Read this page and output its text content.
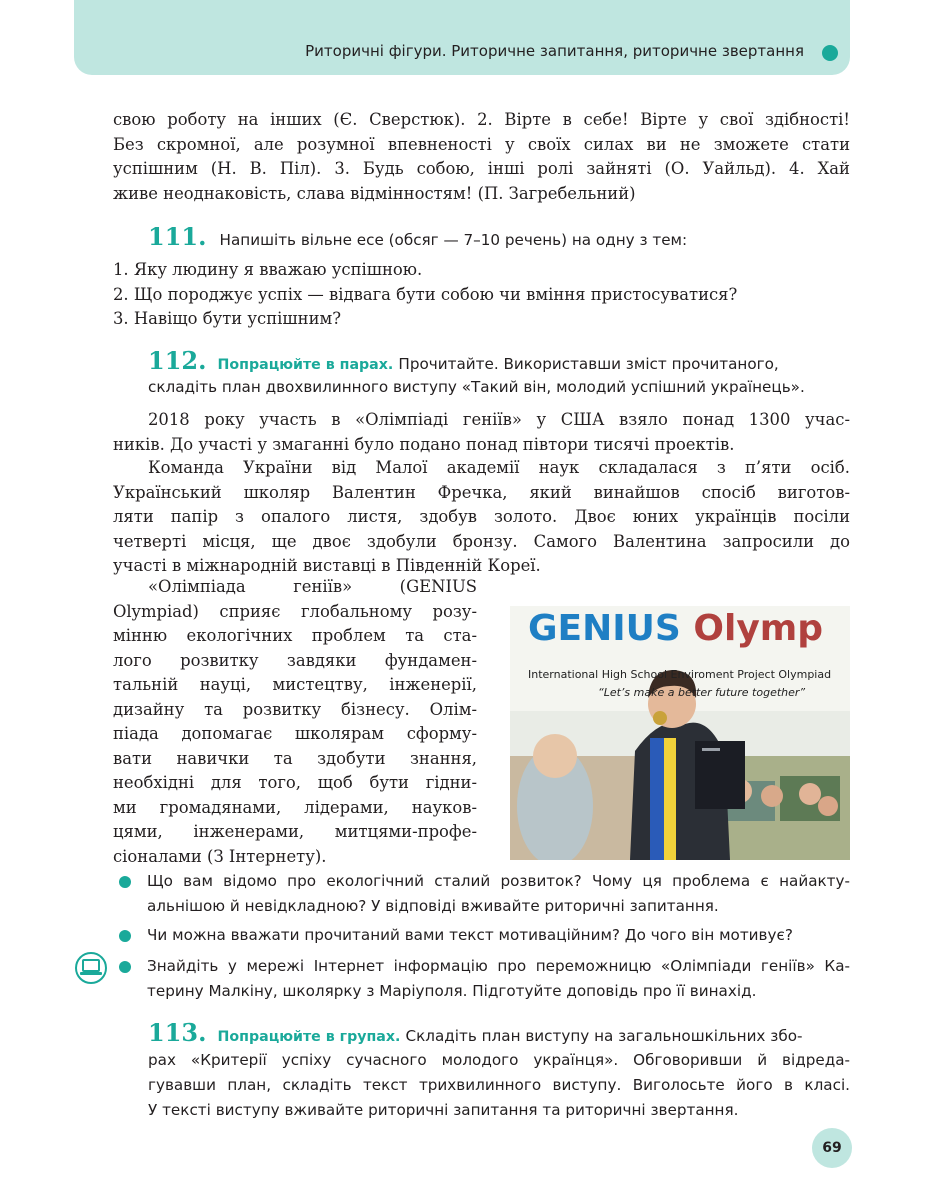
Риторичні фігури. Риторичне запитання, риторичне звертання
свою роботу на інших (Є. Сверстюк). 2. Вірте в себе! Вірте у свої здібності!
Без скромної, але розумної впевненості у своїх силах ви не зможете стати
успішним (Н. В. Піл). 3. Будь собою, інші ролі зайняті (О. Уайльд). 4. Хай
живе неоднаковість, слава відмінностям! (П. Загребельний)
111. Напишіть вільне есе (обсяг — 7–10 речень) на одну з тем:
1. Яку людину я вважаю успішною.
2. Що породжує успіх — відвага бути собою чи вміння пристосуватися?
3. Навіщо бути успішним?
112. Попрацюйте в парах. Прочитайте. Використавши зміст прочитаного,
складіть план двохвилинного виступу «Такий він, молодий успішний українець».
2018 року участь в «Олімпіаді геніїв» у США взяло понад 1300 учас-
ників. До участі у змаганні було подано понад півтори тисячі проектів.
Команда України від Малої академії наук складалася з п’яти осіб.
Український школяр Валентин Фречка, який винайшов спосіб виготов-
ляти папір з опалого листя, здобув золото. Двоє юних українців посіли
четверті місця, ще двоє здобули бронзу. Самого Валентина запросили до
участі в міжнародній виставці в Південній Кореї.
«Олімпіада геніїв» (GENIUS
Olympiad) сприяє глобальному розу-
мінню екологічних проблем та ста-
лого розвитку завдяки фундамен-
тальній науці, мистецтву, інженерії,
дизайну та розвитку бізнесу. Олім-
піада допомагає школярам сформу-
вати навички та здобути знання,
необхідні для того, щоб бути гідни-
ми громадянами, лідерами, науков-
цями, інженерами, митцями-профе-
сіоналами (З Інтернету).
GENIUS Olymp
International High School Enviroment Project Olympiad
“Let’s make a better future together”
Що вам відомо про екологічний сталий розвиток? Чому ця проблема є найакту-
альнішою й невідкладною? У відповіді вживайте риторичні запитання.
Чи можна вважати прочитаний вами текст мотиваційним? До чого він мотивує?
Знайдіть у мережі Інтернет інформацію про переможницю «Олімпіади геніїв» Ка-
терину Малкіну, школярку з Маріуполя. Підготуйте доповідь про її винахід.
113. Попрацюйте в групах. Складіть план виступу на загальношкільних збо-
рах «Критерії успіху сучасного молодого українця». Обговоривши й відреда-
гувавши план, складіть текст трихвилинного виступу. Виголосьте його в класі.
У тексті виступу вживайте риторичні запитання та риторичні звертання.
69
